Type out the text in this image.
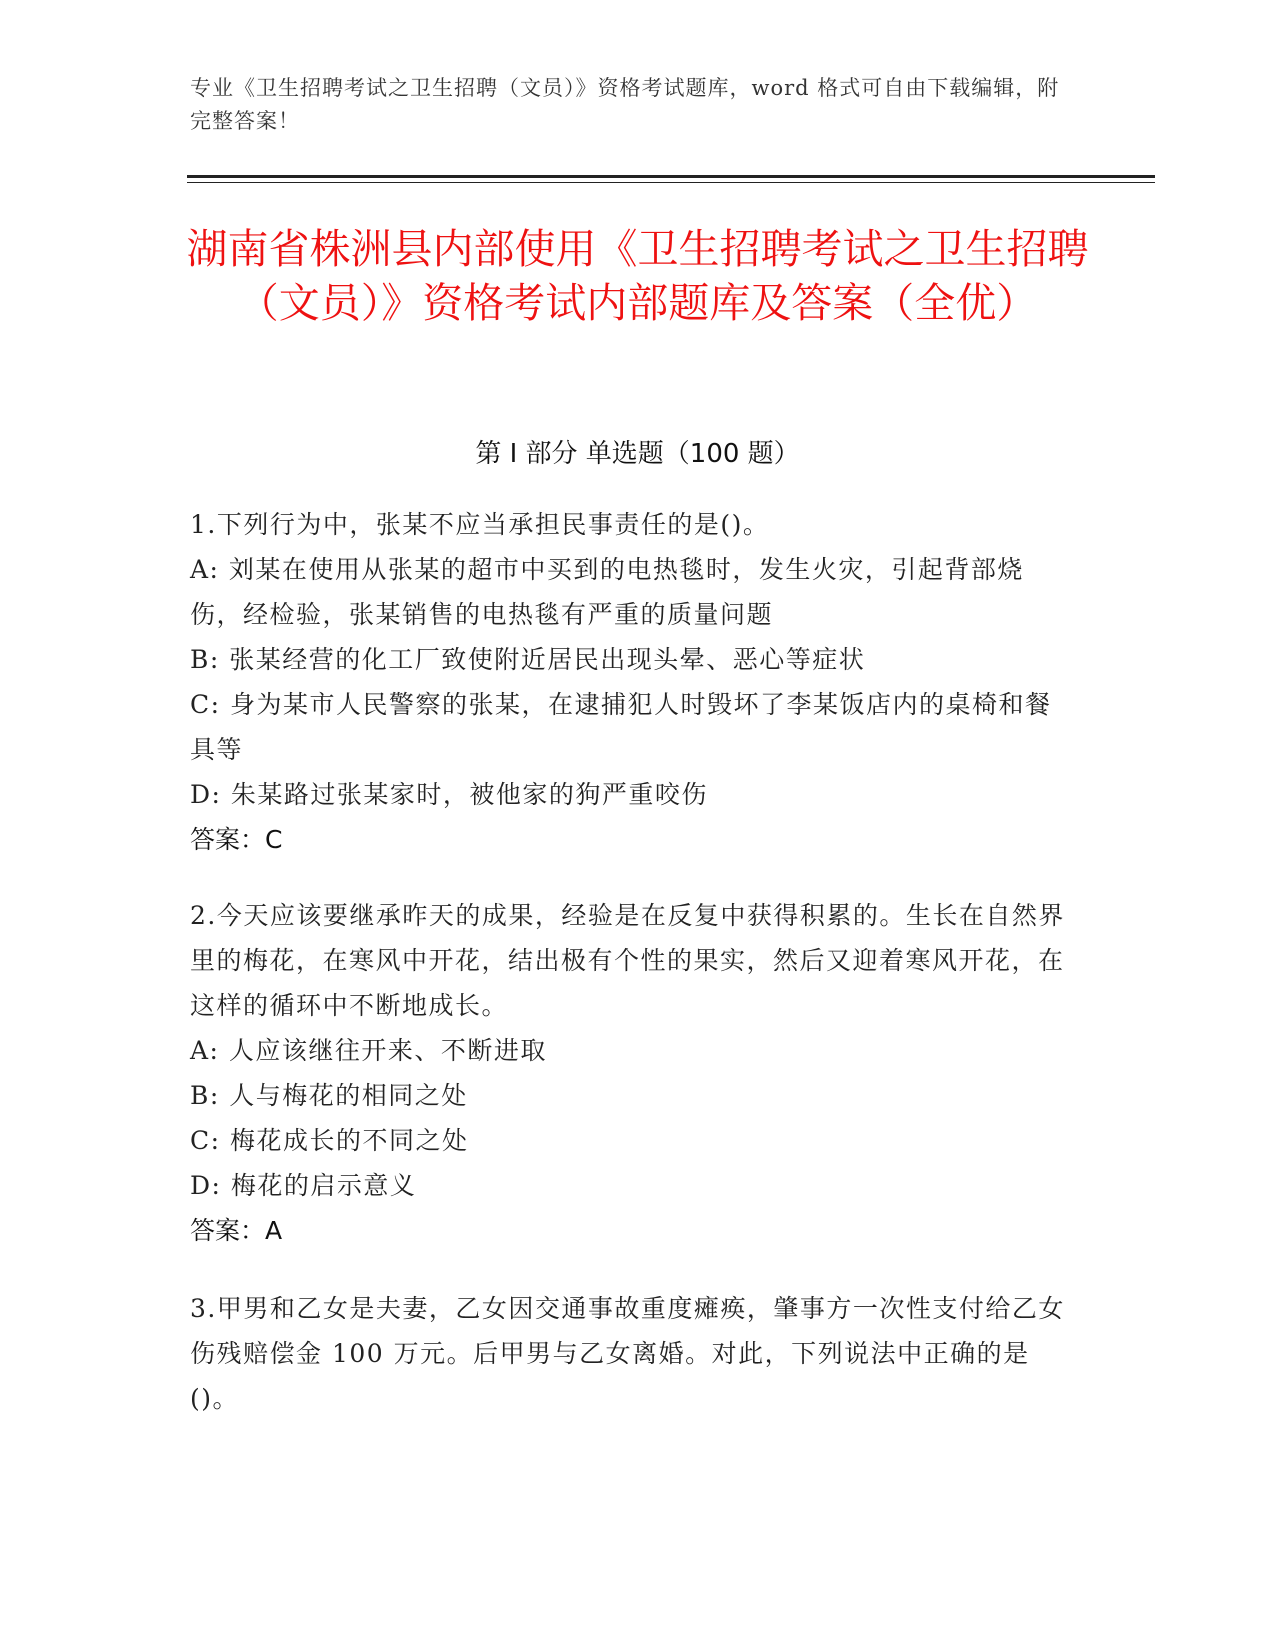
专业《卫生招聘考试之卫生招聘（文员）》资格考试题库，word 格式可自由下载编辑，附完整答案！
湖南省株洲县内部使用《卫生招聘考试之卫生招聘（文员）》资格考试内部题库及答案（全优）
第 I 部分 单选题（100 题）

1.下列行为中，张某不应当承担民事责任的是()。

A: 刘某在使用从张某的超市中买到的电热毯时，发生火灾，引起背部烧伤，经检验，张某销售的电热毯有严重的质量问题

B: 张某经营的化工厂致使附近居民出现头晕、恶心等症状

C: 身为某市人民警察的张某，在逮捕犯人时毁坏了李某饭店内的桌椅和餐具等

D: 朱某路过张某家时，被他家的狗严重咬伤

答案：C

2.今天应该要继承昨天的成果，经验是在反复中获得积累的。生长在自然界里的梅花，在寒风中开花，结出极有个性的果实，然后又迎着寒风开花，在这样的循环中不断地成长。

A: 人应该继往开来、不断进取

B: 人与梅花的相同之处

C: 梅花成长的不同之处

D: 梅花的启示意义

答案：A

3.甲男和乙女是夫妻，乙女因交通事故重度瘫痪，肇事方一次性支付给乙女伤残赔偿金 100 万元。后甲男与乙女离婚。对此，下列说法中正确的是()。
